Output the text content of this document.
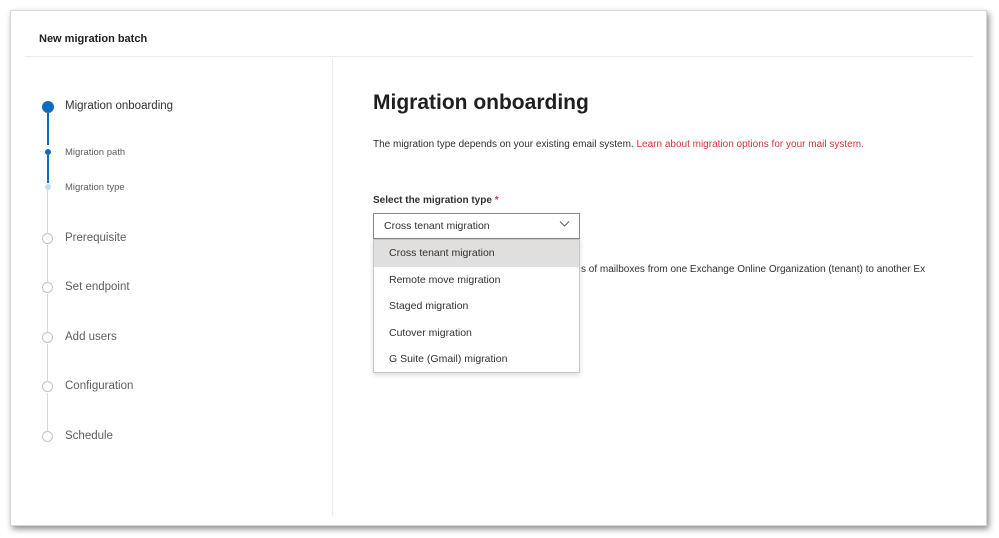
New migration batch
Migration onboarding
Migration path
Migration type
Prerequisite
Set endpoint
Add users
Configuration
Schedule
Migration onboarding
The migration type depends on your existing email system. Learn about migration options for your mail system.
Select the migration type *
s of mailboxes from one Exchange Online Organization (tenant) to another Ex
Cross tenant migration
Cross tenant migration
Remote move migration
Staged migration
Cutover migration
G Suite (Gmail) migration
